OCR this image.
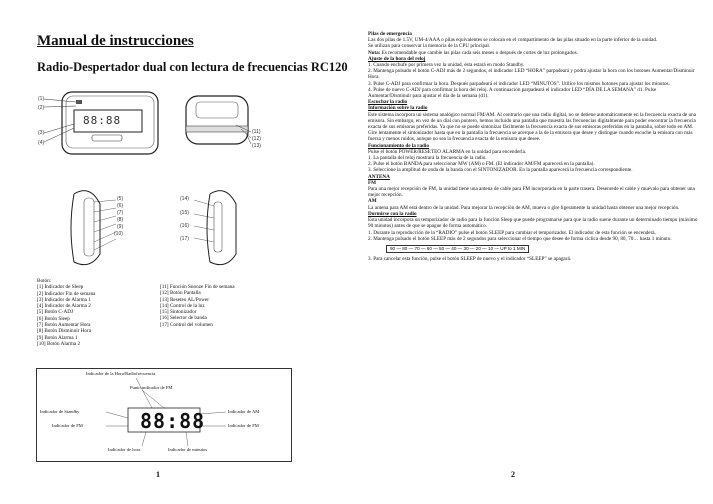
Manual de instrucciones
Radio-Despertador dual con lectura de frecuencias RC120
88:88
(1)
(2)
(3)
(4)
(11)
(12)
(13)
(5)
(6)
(7)
(8)
(9)
(10)
(14)
(15)
(16)
(17)
Botón:
[1] Indicador de Sleep
[2] Indicador Fin de semana
[3] Indicador de Alarma 1
[4] Indicador de Alarma 2
[5] Botón C-ADJ
[6] Botón Sleep
[7] Botón Aumentar Hora
[8] Botón Disminuir Hora
[9] Botón Alarma 1
[10] Botón Alarma 2
[11] Función Snooze Fin de semana
[12] Botón Pantalla
[13] Reseteo AL/Power
[14] Control de la luz
[15] Sintonizador
[16] Selector de banda
[17] Control del volumen
88:88
Indicador de la Hora/Radiofrecuencia
Punto indicador de FM
Indicador de Standby
Indicador de FM
Indicador de AM
Indicador de FM
Indicador de hora	Indicador de minutos
1

Pilas de emergencia

Las dos pilas de 1.5V, UM-4/AAA o pilas equivalentes se colocan en el compartimento de las pilas situado en la parte inferior de la unidad.

Se utilizan para conservar la memoria de la CPU principal.

Nota: Es recomendable que cambie las pilas cada seis meses o después de cortes de luz prolongados.

Ajuste de la hora del reloj

1. Cuando enchufe por primera vez la unidad, ésta estará en modo Standby.

2. Mantenga pulsado el botón C-ADJ más de 2 segundos, el indicador LED “HORA” parpadeará y podrá ajustar la hora con los botones Aumentar/Disminuir Hora.

3. Pulse C-ADJ para confirmar la hora. Después parpadeará el indicador LED “MINUTOS”. Utilice los mismos botones para ajustar los minutos.

4. Pulse de nuevo C-ADJ para confirmar la hora del reloj. A continuación parpadeará el indicador LED “DÍA DE LA SEMANA” d1. Pulse Aumentar/Disminuir para ajustar el día de la semana (d1).

Escuchar la radio

Información sobre la radio

Este sistema incorpora un sistema analógico normal FM/AM. Al contrario que una radio digital, no se detiene automáticamente en la frecuencia exacta de una emisora. Sin embargo, en vez de un dial con puntero, hemos incluido una pantalla que muestra las frecuencias digitalmente para poder encontrar la frecuencia exacta de sus emisoras preferidas. Ya que no se puede sintonizar fácilmente la frecuencia exacta de sus emisoras preferidas en la pantalla, sobre todo en AM. Gire lentamente el sintonizador hasta que en la pantalla la frecuencia se acerque a la de la emisora que desee y distingue cuando escuche la emisora con más fuerza y menos ruidos, aunque no sea la frecuencia exacta de la emisora que desee.

Funcionamiento de la radio

Pulse el botón POWER/RESETEO ALARMA en la unidad para encenderla.

1. La pantalla del reloj mostrará la frecuencia de la radio.

2. Pulse el botón BANDA para seleccionar MW (AM) o FM. (El indicador AM/FM aparecerá en la pantalla).

3. Seleccione la amplitud de onda de la banda con el SINTONIZADOR. En la pantalla aparecerá la frecuencia correspondiente.

ANTENA

FM

Para una mejor recepción de FM, la unidad tiene una antena de cable para FM incorporada en la parte trasera. Desenrede el cable y muévalo para obtener una mejor recepción.

AM

La antena para AM está dentro de la unidad. Para mejorar la recepción de AM, mueva o gire ligeramente la unidad hasta obtener una mejor recepción.

Dormirse con la radio

Esta unidad incorpora un temporizador de radio para la función Sleep que puede programarse para que la radio suene durante un determinado tiempo (máximo 90 minutos) antes de que se apague de forma automático.

1. Durante la reproducción de la “RADIO” pulse el botón SLEEP para cambiar el temporizador. El indicador de esta función se encenderá.

2. Mantenga pulsado el botón SLEEP más de 2 segundos para seleccionar el tiempo que desee de forma cíclica desde 90, 80, 70… hasta 1 minuto.

90 — 80 — 70 — 60 — 50 — 40 — 30 — 20 — 10 — UP to 1 MIN

3. Para cancelar esta función, pulse el botón SLEEP de nuevo y el indicador “SLEEP” se apagará.

2
